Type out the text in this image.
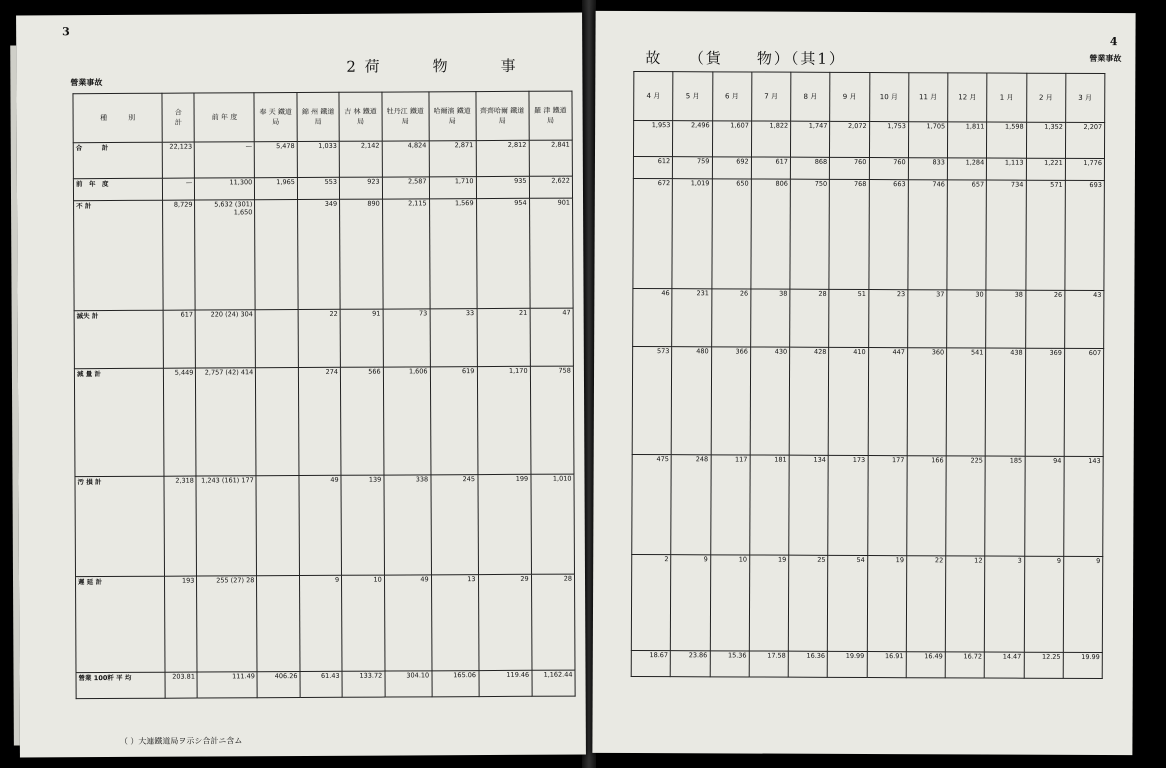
3
營業事故
2 荷　　　物　　　事
種　　　別	合　　計	前 年 度	奉 天 鐵道局	錦 州 鐵道局	吉 林 鐵道局	牡丹江 鐵道局	哈爾濱 鐵道局	齊齊哈爾 鐵道局	羅 津 鐵道局
合　　　計	22,123	—	5,478	1,033	2,142	4,824	2,871	2,812	2,841
前　年　度	—	11,300	1,965	553	923	2,587	1,710	935	2,622
不 計	8,729	5,632 (301) 1,650		349	890	2,115	1,569	954	901
滅失 計	617	220 (24) 304		22	91	73	33	21	47
減 量 計	5,449	2,757 (42) 414		274	566	1,606	619	1,170	758
汚 損 計	2,318	1,243 (161) 177		49	139	338	245	199	1,010
遲 延 計	193	255 (27) 28		9	10	49	13	29	28
營業 100粁 平 均	203.81	111.49	406.26	61.43	133.72	304.10	165.06	119.46	1,162.44
（ ）大連鐵道局ヲ示シ合計ニ含ム
4
營業事故
故　　（貨　　物）（其1）
4 月	5 月	6 月	7 月	8 月	9 月	10 月	11 月	12 月	1 月	2 月	3 月
1,953	2,496	1,607	1,822	1,747	2,072	1,753	1,705	1,811	1,598	1,352	2,207
612	759	692	617	868	760	760	833	1,284	1,113	1,221	1,776
672	1,019	650	806	750	768	663	746	657	734	571	693
46	231	26	38	28	51	23	37	30	38	26	43
573	480	366	430	428	410	447	360	541	438	369	607
475	248	117	181	134	173	177	166	225	185	94	143
2	9	10	19	25	54	19	22	12	3	9	9
18.67	23.86	15.36	17.58	16.36	19.99	16.91	16.49	16.72	14.47	12.25	19.99
